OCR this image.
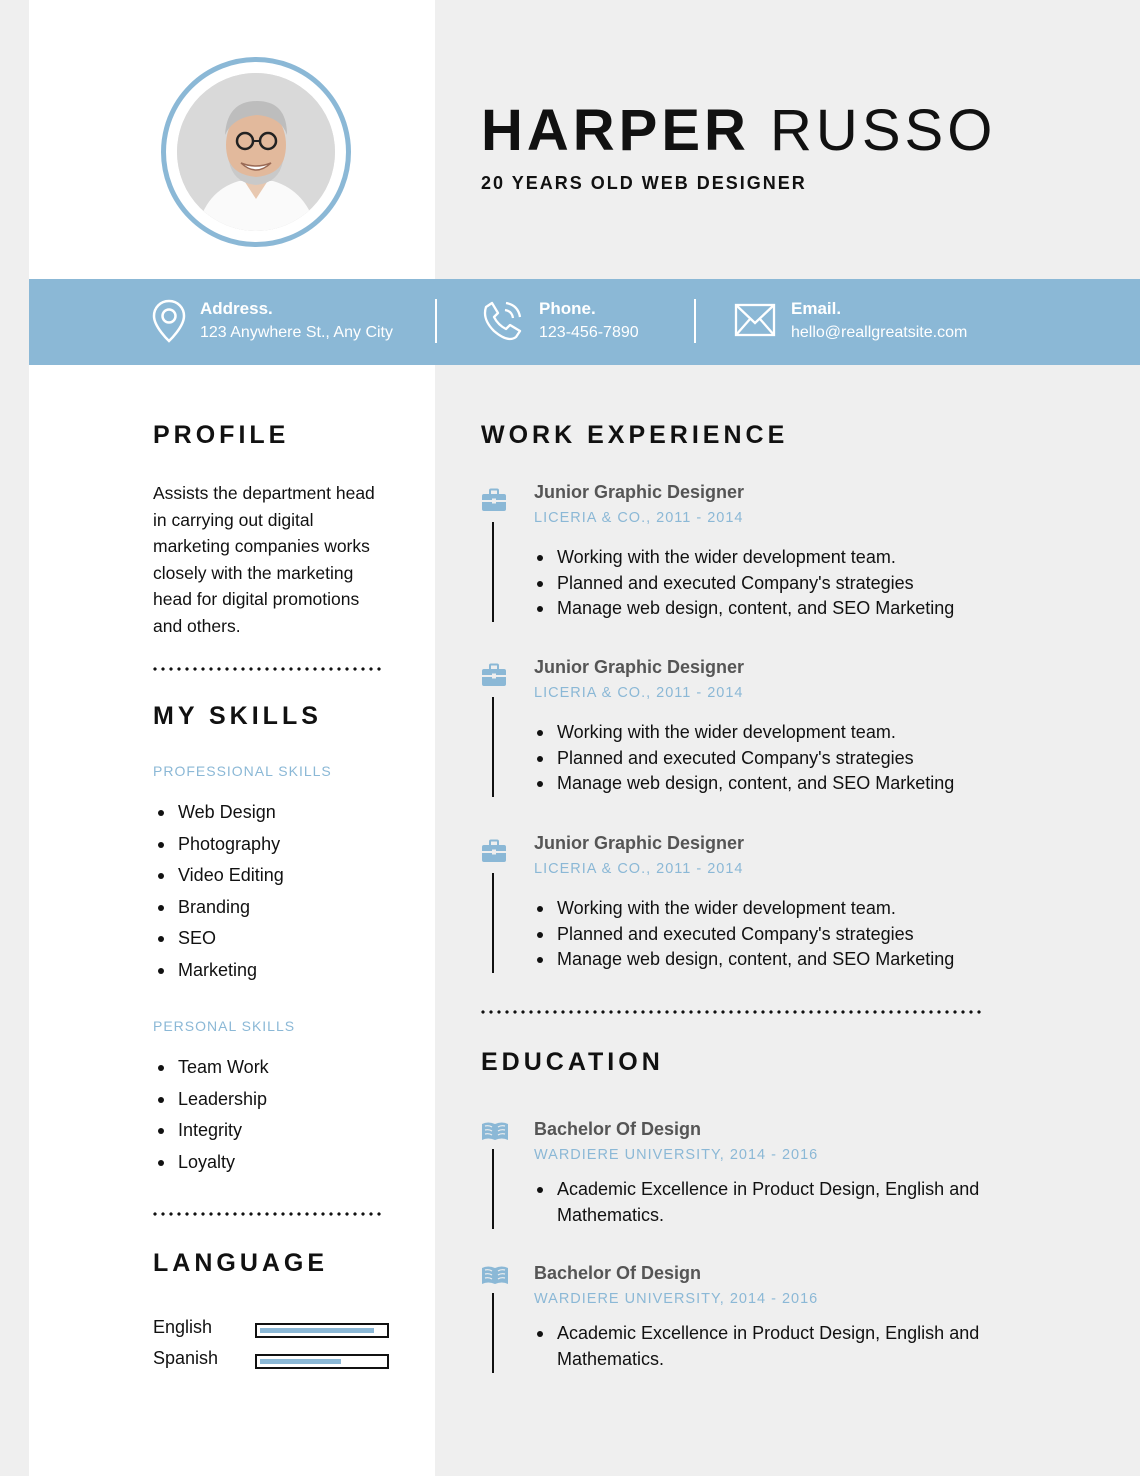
HARPER RUSSO
20 YEARS OLD WEB DESIGNER
Address.
123 Anywhere St., Any City
Phone.
123-456-7890
Email.
hello@reallgreatsite.com
PROFILE
Assists the department head in carrying out digital marketing companies works closely with the marketing head for digital promotions and others.
MY SKILLS
PROFESSIONAL SKILLS
Web Design
Photography
Video Editing
Branding
SEO
Marketing
PERSONAL SKILLS
Team Work
Leadership
Integrity
Loyalty
LANGUAGE
English
Spanish
WORK EXPERIENCE
Junior Graphic Designer
LICERIA & CO., 2011 - 2014
Working with the wider development team.
Planned and executed Company's strategies
Manage web design, content, and SEO Marketing
Junior Graphic Designer
LICERIA & CO., 2011 - 2014
Working with the wider development team.
Planned and executed Company's strategies
Manage web design, content, and SEO Marketing
Junior Graphic Designer
LICERIA & CO., 2011 - 2014
Working with the wider development team.
Planned and executed Company's strategies
Manage web design, content, and SEO Marketing
EDUCATION
Bachelor Of Design
WARDIERE UNIVERSITY, 2014 - 2016
Academic Excellence in Product Design, English and Mathematics.
Bachelor Of Design
WARDIERE UNIVERSITY, 2014 - 2016
Academic Excellence in Product Design, English and Mathematics.
